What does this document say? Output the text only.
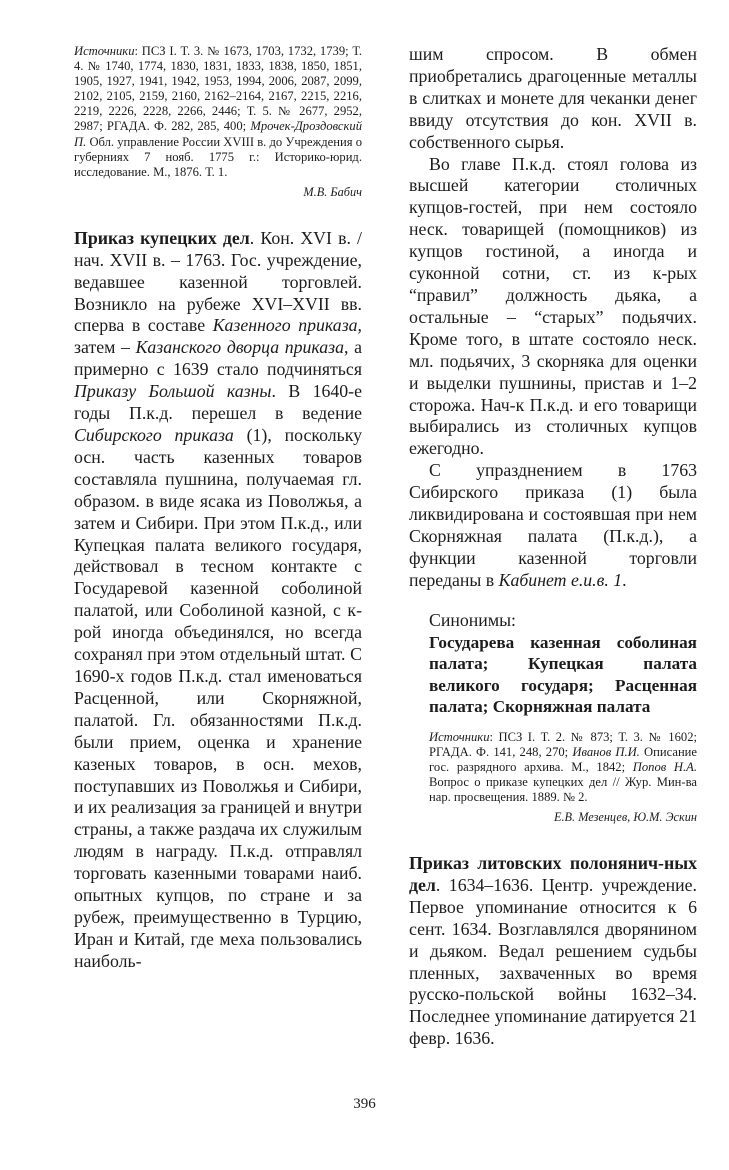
Источники: ПСЗ I. Т. 3. № 1673, 1703, 1732, 1739; Т. 4. № 1740, 1774, 1830, 1831, 1833, 1838, 1850, 1851, 1905, 1927, 1941, 1942, 1953, 1994, 2006, 2087, 2099, 2102, 2105, 2159, 2160, 2162–2164, 2167, 2215, 2216, 2219, 2226, 2228, 2266, 2446; Т. 5. № 2677, 2952, 2987; РГАДА. Ф. 282, 285, 400; Мрочек-Дроздовский П. Обл. управление России XVIII в. до Учреждения о губерниях 7 нояб. 1775 г.: Историко-юрид. исследование. М., 1876. Т. 1.

М.В. Бабич

Приказ купецких дел. Кон. XVI в. / нач. XVII в. – 1763. Гос. учреждение, ведавшее казенной торговлей. Возникло на рубеже XVI–XVII вв. сперва в составе Казенного приказа, затем – Казанского дворца приказа, а примерно с 1639 стало подчиняться Приказу Большой казны. В 1640-е годы П.к.д. перешел в ведение Сибирского приказа (1), поскольку осн. часть казенных товаров составляла пушнина, получаемая гл. образом. в виде ясака из Поволжья, а затем и Сибири. При этом П.к.д., или Купецкая палата великого государя, действовал в тесном контакте с Государевой казенной соболиной палатой, или Соболиной казной, с к-рой иногда объединялся, но всегда сохранял при этом отдельный штат. С 1690-х годов П.к.д. стал именоваться Расценной, или Скорняжной, палатой. Гл. обязанностями П.к.д. были прием, оценка и хранение казеных товаров, в осн. мехов, поступавших из Поволжья и Сибири, и их реализация за границей и внутри страны, а также раздача их служилым людям в награду. П.к.д. отправлял торговать казенными товарами наиб. опытных купцов, по стране и за рубеж, преимущественно в Турцию, Иран и Китай, где меха пользовались наиболь-

шим спросом. В обмен приобретались драгоценные металлы в слитках и монете для чеканки денег ввиду отсутствия до кон. XVII в. собственного сырья.

Во главе П.к.д. стоял голова из высшей категории столичных купцов-гостей, при нем состояло неск. товарищей (помощников) из купцов гостиной, а иногда и суконной сотни, ст. из к-рых “правил” должность дьяка, а остальные – “старых” подьячих. Кроме того, в штате состояло неск. мл. подьячих, 3 скорняка для оценки и выделки пушнины, пристав и 1–2 сторожа. Нач-к П.к.д. и его товарищи выбирались из столичных купцов ежегодно.

С упразднением в 1763 Сибирского приказа (1) была ликвидирована и состоявшая при нем Скорняжная палата (П.к.д.), а функции казенной торговли переданы в Кабинет е.и.в. 1.

Синонимы:

Государева казенная соболиная палата; Купецкая палата великого государя; Расценная палата; Скорняжная палата

Источники: ПСЗ I. Т. 2. № 873; Т. 3. № 1602; РГАДА. Ф. 141, 248, 270; Иванов П.И. Описание гос. разрядного архива. М., 1842; Попов Н.А. Вопрос о приказе купецких дел // Жур. Мин-ва нар. просвещения. 1889. № 2.

Е.В. Мезенцев, Ю.М. Эскин

Приказ литовских полонянич-ных дел. 1634–1636. Центр. учреждение. Первое упоминание относится к 6 сент. 1634. Возглавлялся дворянином и дьяком. Ведал решением судьбы пленных, захваченных во время русско-польской войны 1632–34. Последнее упоминание датируется 21 февр. 1636.

396
